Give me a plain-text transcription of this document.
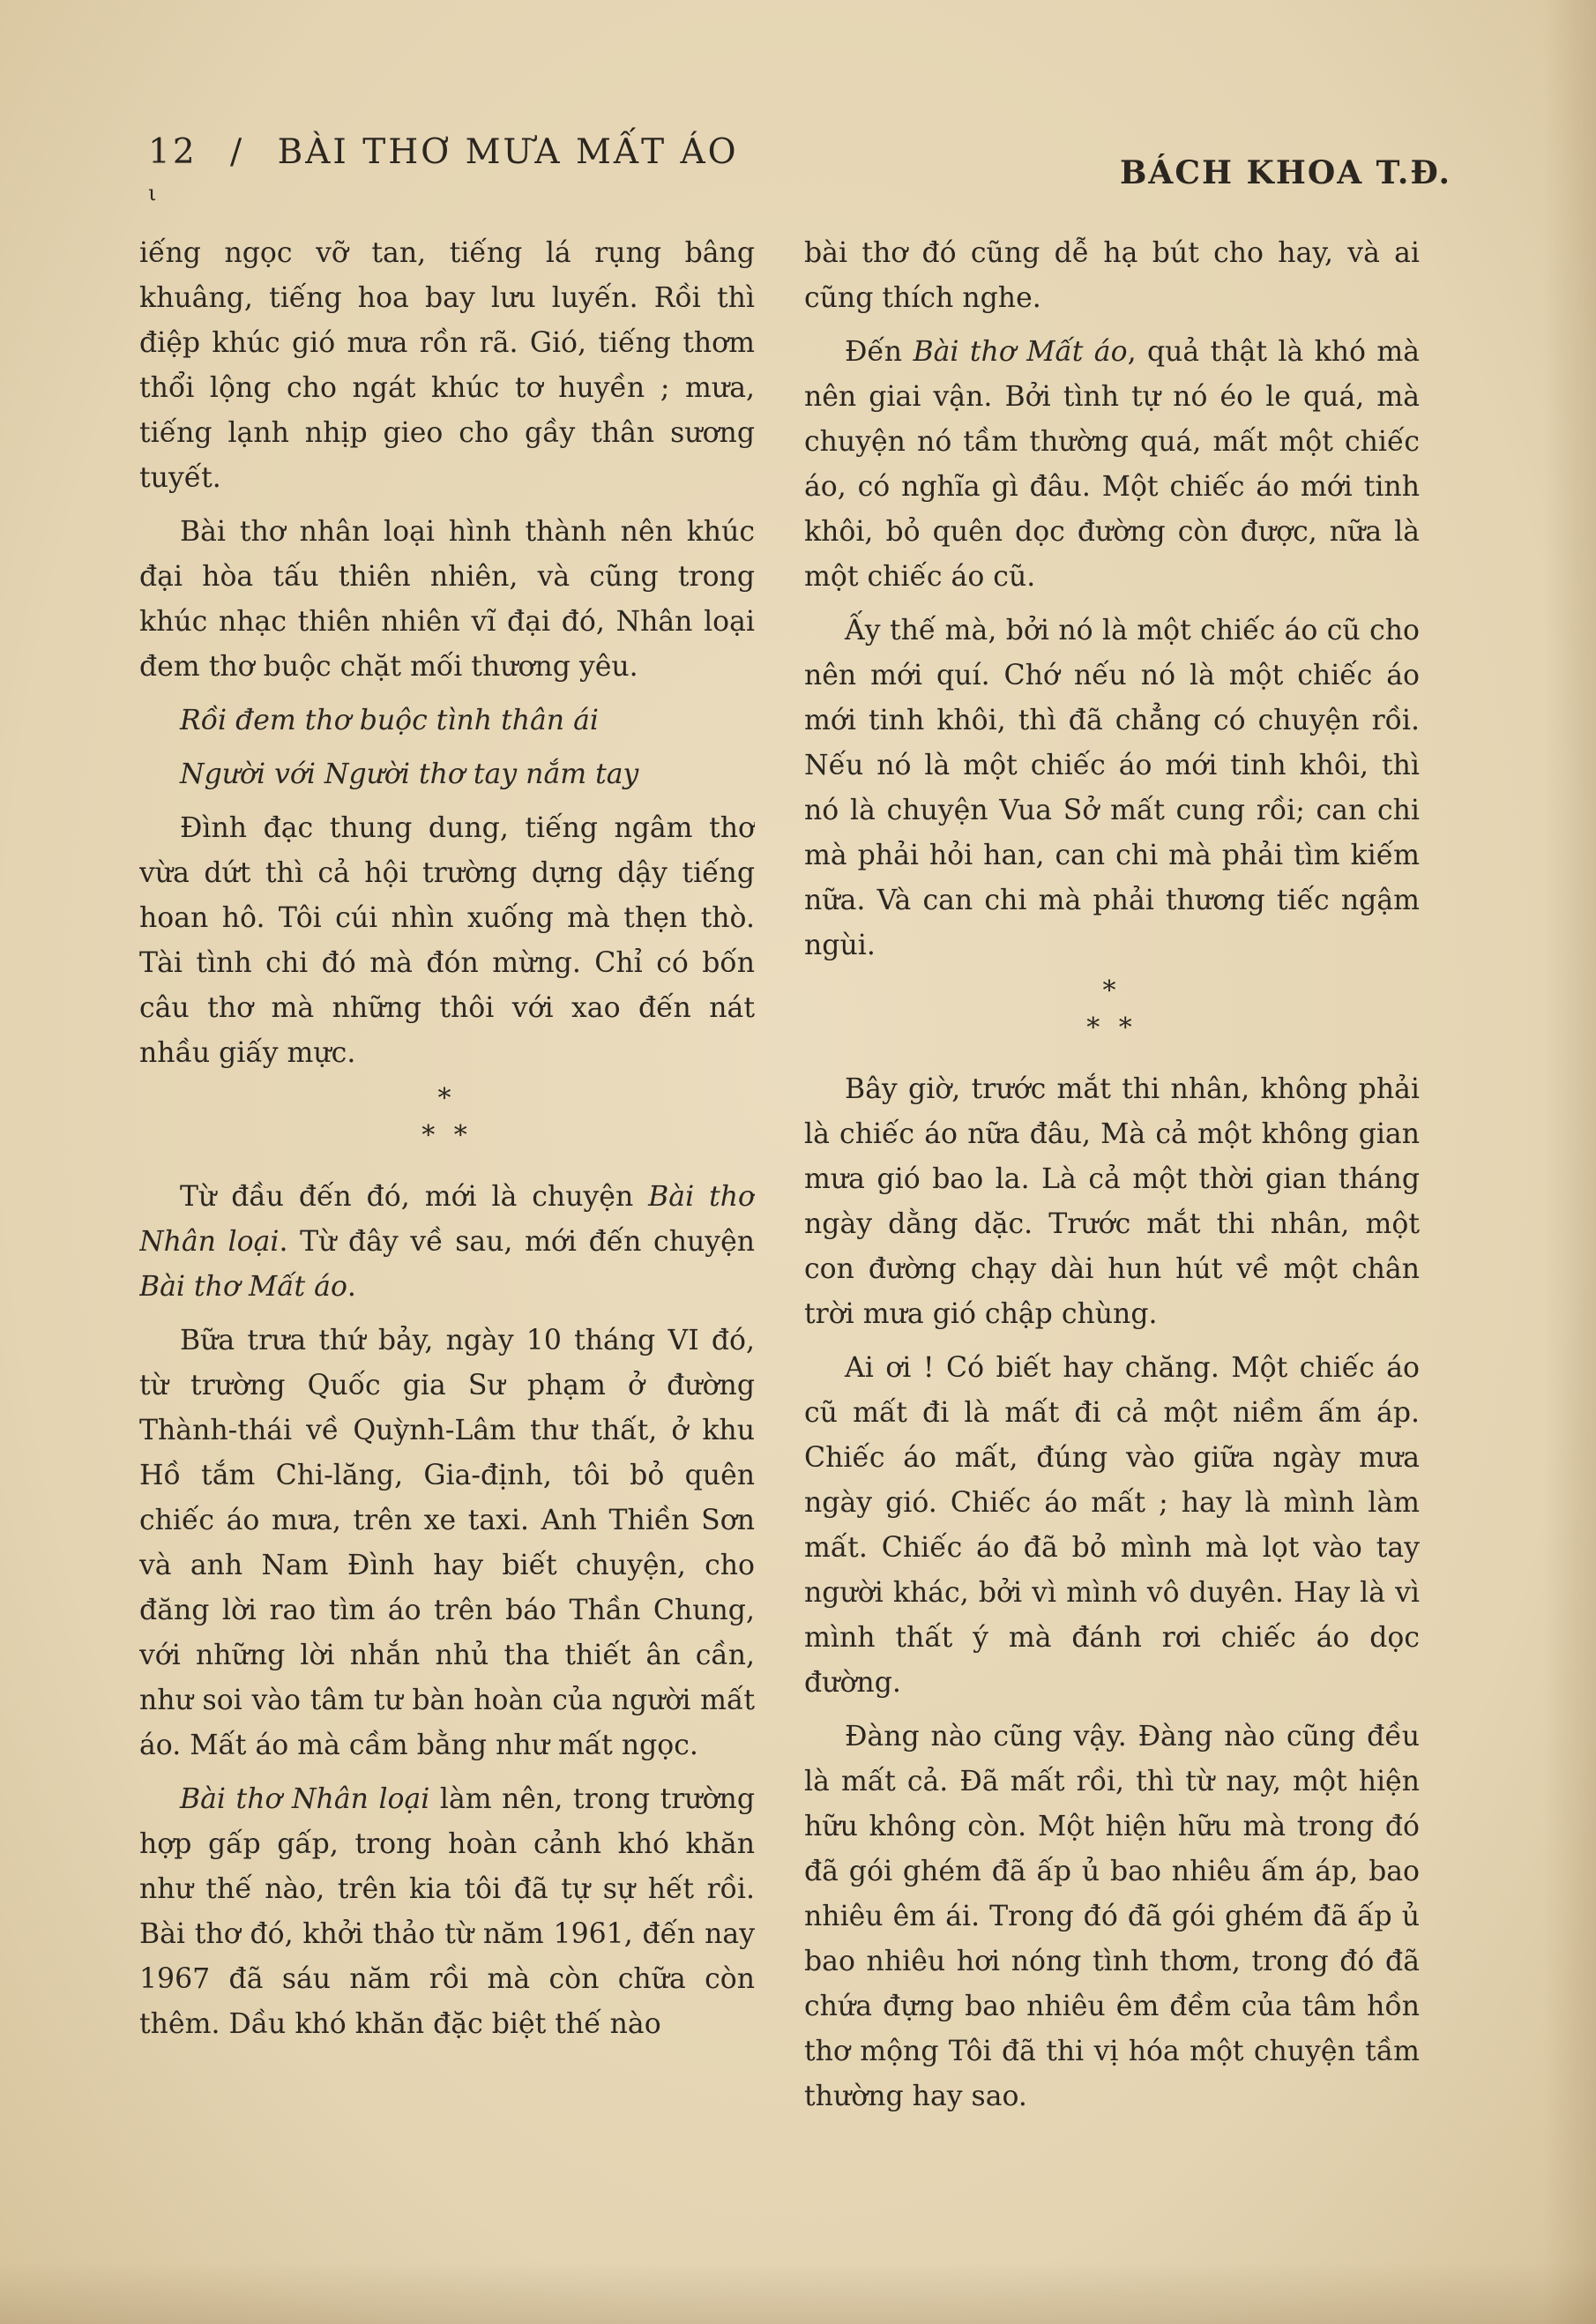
12 / BÀI THƠ MƯA MẤT ÁO
ι
BÁCH KHOA T.Đ.

iếng ngọc vỡ tan, tiếng lá rụng bâng khuâng, tiếng hoa bay lưu luyến. Rồi thì điệp khúc gió mưa rồn rã. Gió, tiếng thơm thổi lộng cho ngát khúc tơ huyền ; mưa, tiếng lạnh nhịp gieo cho gầy thân sương tuyết.

Bài thơ nhân loại hình thành nên khúc đại hòa tấu thiên nhiên, và cũng trong khúc nhạc thiên nhiên vĩ đại đó, Nhân loại đem thơ buộc chặt mối thương yêu.

Rồi đem thơ buộc tình thân ái

Người với Người thơ tay nắm tay

Đình đạc thung dung, tiếng ngâm thơ vừa dứt thì cả hội trường dựng dậy tiếng hoan hô. Tôi cúi nhìn xuống mà thẹn thò. Tài tình chi đó mà đón mừng. Chỉ có bốn câu thơ mà những thôi với xao đến nát nhầu giấy mực.

*

* *

Từ đầu đến đó, mới là chuyện Bài thơ Nhân loại. Từ đây về sau, mới đến chuyện Bài thơ Mất áo.

Bữa trưa thứ bảy, ngày 10 tháng VI đó, từ trường Quốc gia Sư phạm ở đường Thành-thái về Quỳnh-Lâm thư thất, ở khu Hồ tắm Chi-lăng, Gia-định, tôi bỏ quên chiếc áo mưa, trên xe taxi. Anh Thiền Sơn và anh Nam Đình hay biết chuyện, cho đăng lời rao tìm áo trên báo Thần Chung, với những lời nhắn nhủ tha thiết ân cần, như soi vào tâm tư bàn hoàn của người mất áo. Mất áo mà cầm bằng như mất ngọc.

Bài thơ Nhân loại làm nên, trong trường hợp gấp gấp, trong hoàn cảnh khó khăn như thế nào, trên kia tôi đã tự sự hết rồi. Bài thơ đó, khởi thảo từ năm 1961, đến nay 1967 đã sáu năm rồi mà còn chữa còn thêm. Dầu khó khăn đặc biệt thế nào

bài thơ đó cũng dễ hạ bút cho hay, và ai cũng thích nghe.

Đến Bài thơ Mất áo, quả thật là khó mà nên giai vận. Bởi tình tự nó éo le quá, mà chuyện nó tầm thường quá, mất một chiếc áo, có nghĩa gì đâu. Một chiếc áo mới tinh khôi, bỏ quên dọc đường còn được, nữa là một chiếc áo cũ.

Ấy thế mà, bởi nó là một chiếc áo cũ cho nên mới quí. Chớ nếu nó là một chiếc áo mới tinh khôi, thì đã chẳng có chuyện rồi. Nếu nó là một chiếc áo mới tinh khôi, thì nó là chuyện Vua Sở mất cung rồi; can chi mà phải hỏi han, can chi mà phải tìm kiếm nữa. Và can chi mà phải thương tiếc ngậm ngùi.

*

* *

Bây giờ, trước mắt thi nhân, không phải là chiếc áo nữa đâu, Mà cả một không gian mưa gió bao la. Là cả một thời gian tháng ngày dằng dặc. Trước mắt thi nhân, một con đường chạy dài hun hút về một chân trời mưa gió chập chùng.

Ai ơi ! Có biết hay chăng. Một chiếc áo cũ mất đi là mất đi cả một niềm ấm áp. Chiếc áo mất, đúng vào giữa ngày mưa ngày gió. Chiếc áo mất ; hay là mình làm mất. Chiếc áo đã bỏ mình mà lọt vào tay người khác, bởi vì mình vô duyên. Hay là vì mình thất ý mà đánh rơi chiếc áo dọc đường.

Đàng nào cũng vậy. Đàng nào cũng đều là mất cả. Đã mất rồi, thì từ nay, một hiện hữu không còn. Một hiện hữu mà trong đó đã gói ghém đã ấp ủ bao nhiêu ấm áp, bao nhiêu êm ái. Trong đó đã gói ghém đã ấp ủ bao nhiêu hơi nóng tình thơm, trong đó đã chứa đựng bao nhiêu êm đềm của tâm hồn thơ mộng Tôi đã thi vị hóa một chuyện tầm thường hay sao.
